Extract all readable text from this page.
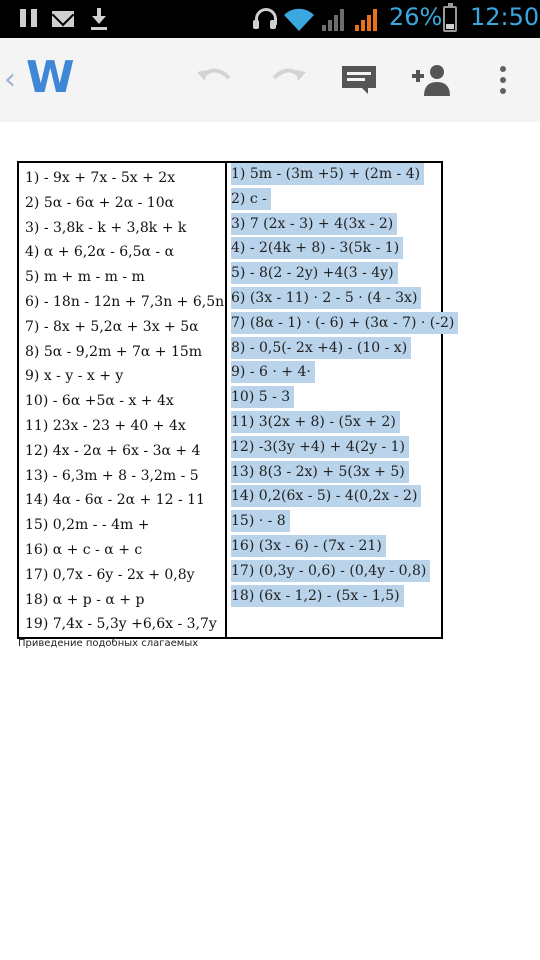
26% 12:50
‹ W
1) - 9x + 7x - 5x + 2x
2) 5α - 6α + 2α - 10α
3) - 3,8k - k + 3,8k + k
4) α + 6,2α - 6,5α - α
5) m + m - m - m
6) - 18n - 12n + 7,3n + 6,5n
7) - 8x + 5,2α + 3x + 5α
8) 5α - 9,2m + 7α + 15m
9) x - y - x + y
10) - 6α +5α - x + 4x
11) 23x - 23 + 40 + 4x
12) 4x - 2α + 6x - 3α + 4
13) - 6,3m + 8 - 3,2m - 5
14) 4α - 6α - 2α + 12 - 11
15) 0,2m - - 4m +
16) α + c - α + c
17) 0,7x - 6y - 2x + 0,8y
18) α + p - α + p
19) 7,4x - 5,3y +6,6x - 3,7y
1) 5m - (3m +5) + (2m - 4)
2) c -
3) 7 (2x - 3) + 4(3x - 2)
4) - 2(4k + 8) - 3(5k - 1)
5) - 8(2 - 2y) +4(3 - 4y)
6) (3x - 11) · 2 - 5 · (4 - 3x)
7) (8α - 1) · (- 6) + (3α - 7) · (-2)
8) - 0,5(- 2x +4) - (10 - x)
9) - 6 · + 4·
10) 5 - 3
11) 3(2x + 8) - (5x + 2)
12) -3(3y +4) + 4(2y - 1)
13) 8(3 - 2x) + 5(3x + 5)
14) 0,2(6x - 5) - 4(0,2x - 2)
15) · - 8
16) (3x - 6) - (7x - 21)
17) (0,3y - 0,6) - (0,4y - 0,8)
18) (6x - 1,2) - (5x - 1,5)
Приведение подобных слагаемых
